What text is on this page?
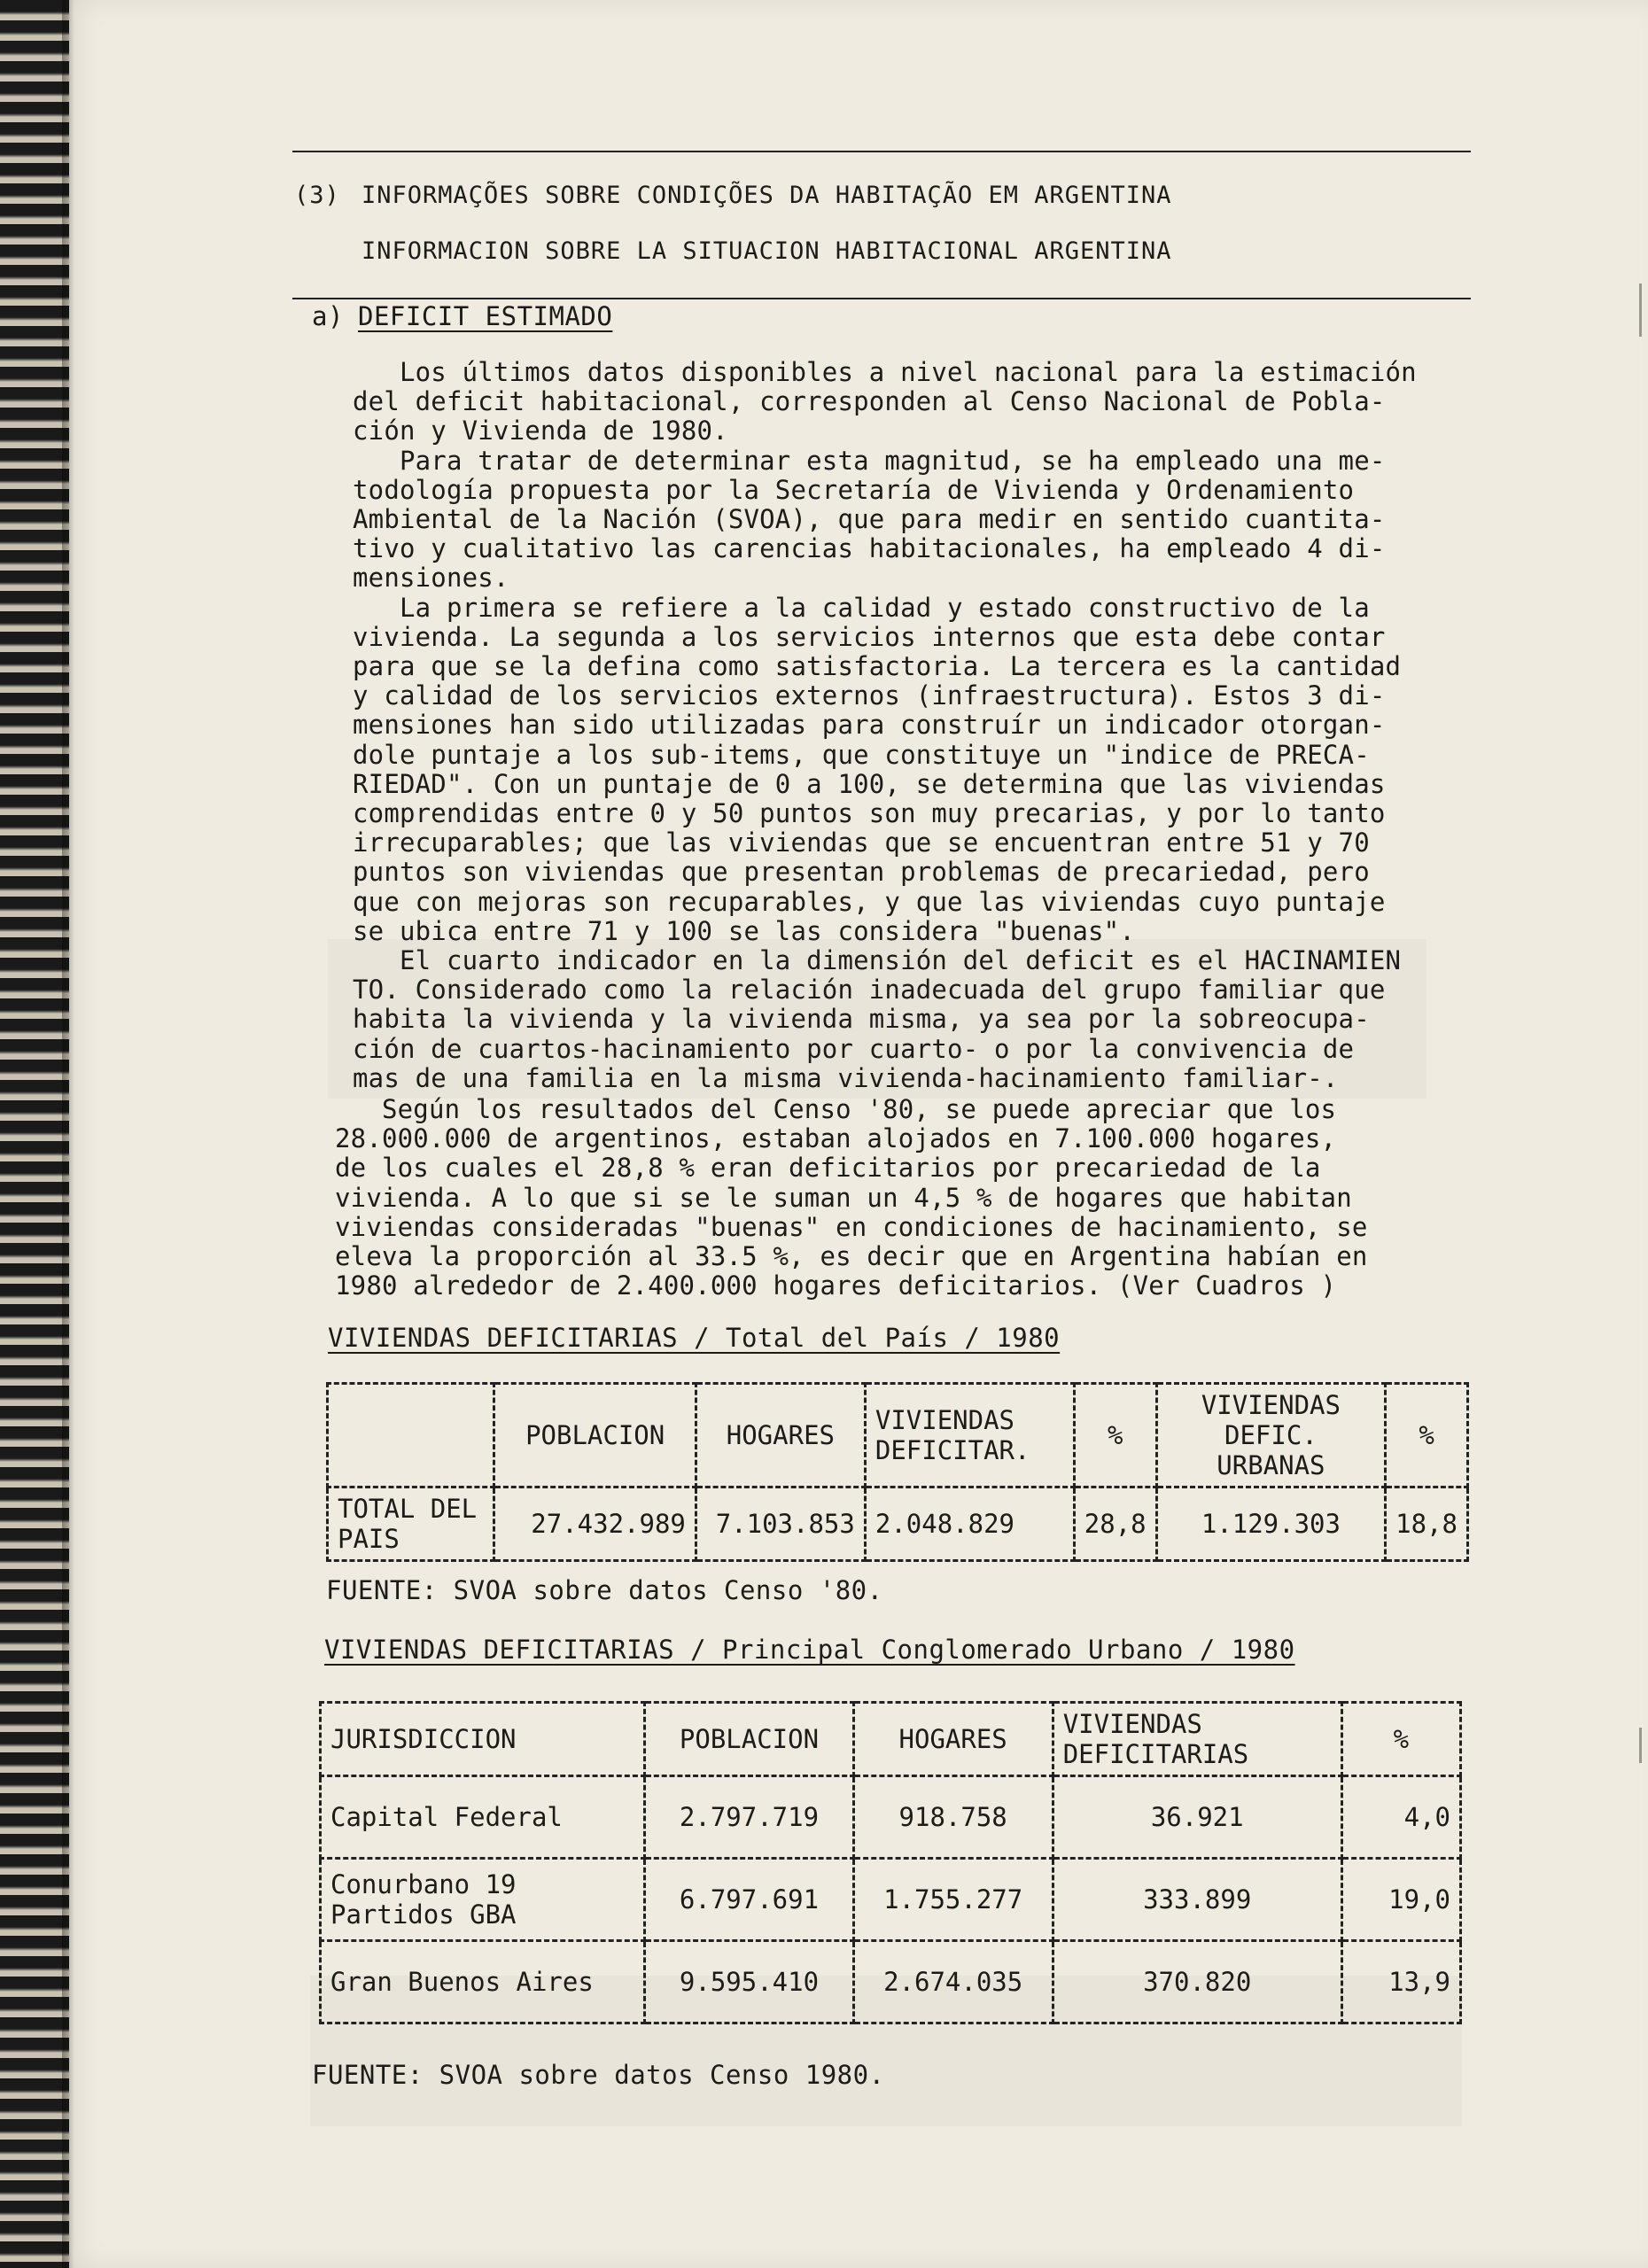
(3) INFORMAÇÕES SOBRE CONDIÇÕES DA HABITAÇÃO EM ARGENTINA
INFORMACION SOBRE LA SITUACION HABITACIONAL ARGENTINA
a) DEFICIT ESTIMADO
Los últimos datos disponibles a nivel nacional para la estimación
del deficit habitacional, corresponden al Censo Nacional de Pobla-
ción y Vivienda de 1980.
Para tratar de determinar esta magnitud, se ha empleado una me-
todología propuesta por la Secretaría de Vivienda y Ordenamiento
Ambiental de la Nación (SVOA), que para medir en sentido cuantita-
tivo y cualitativo las carencias habitacionales, ha empleado 4 di-
mensiones.
La primera se refiere a la calidad y estado constructivo de la
vivienda. La segunda a los servicios internos que esta debe contar
para que se la defina como satisfactoria. La tercera es la cantidad
y calidad de los servicios externos (infraestructura). Estos 3 di-
mensiones han sido utilizadas para construír un indicador otorgan-
dole puntaje a los sub-items, que constituye un "indice de PRECA-
RIEDAD". Con un puntaje de 0 a 100, se determina que las viviendas
comprendidas entre 0 y 50 puntos son muy precarias, y por lo tanto
irrecuparables; que las viviendas que se encuentran entre 51 y 70
puntos son viviendas que presentan problemas de precariedad, pero
que con mejoras son recuparables, y que las viviendas cuyo puntaje
se ubica entre 71 y 100 se las considera "buenas".
El cuarto indicador en la dimensión del deficit es el HACINAMIEN
TO. Considerado como la relación inadecuada del grupo familiar que
habita la vivienda y la vivienda misma, ya sea por la sobreocupa-
ción de cuartos-hacinamiento por cuarto- o por la convivencia de
mas de una familia en la misma vivienda-hacinamiento familiar-.
Según los resultados del Censo '80, se puede apreciar que los
28.000.000 de argentinos, estaban alojados en 7.100.000 hogares,
de los cuales el 28,8 % eran deficitarios por precariedad de la
vivienda. A lo que si se le suman un 4,5 % de hogares que habitan
viviendas consideradas "buenas" en condiciones de hacinamiento, se
eleva la proporción al 33.5 %, es decir que en Argentina habían en
1980 alrededor de 2.400.000 hogares deficitarios. (Ver Cuadros )
VIVIENDAS DEFICITARIAS / Total del País / 1980
	POBLACION	HOGARES	VIVIENDAS DEFICITAR.	%	VIVIENDAS DEFIC. URBANAS	%
TOTAL DEL PAIS	27.432.989	7.103.853	2.048.829	28,8	1.129.303	18,8
FUENTE: SVOA sobre datos Censo '80.
VIVIENDAS DEFICITARIAS / Principal Conglomerado Urbano / 1980
JURISDICCION	POBLACION	HOGARES	VIVIENDAS DEFICITARIAS	%
Capital Federal	2.797.719	918.758	36.921	4,0
Conurbano 19 Partidos GBA	6.797.691	1.755.277	333.899	19,0
Gran Buenos Aires	9.595.410	2.674.035	370.820	13,9
FUENTE: SVOA sobre datos Censo 1980.
